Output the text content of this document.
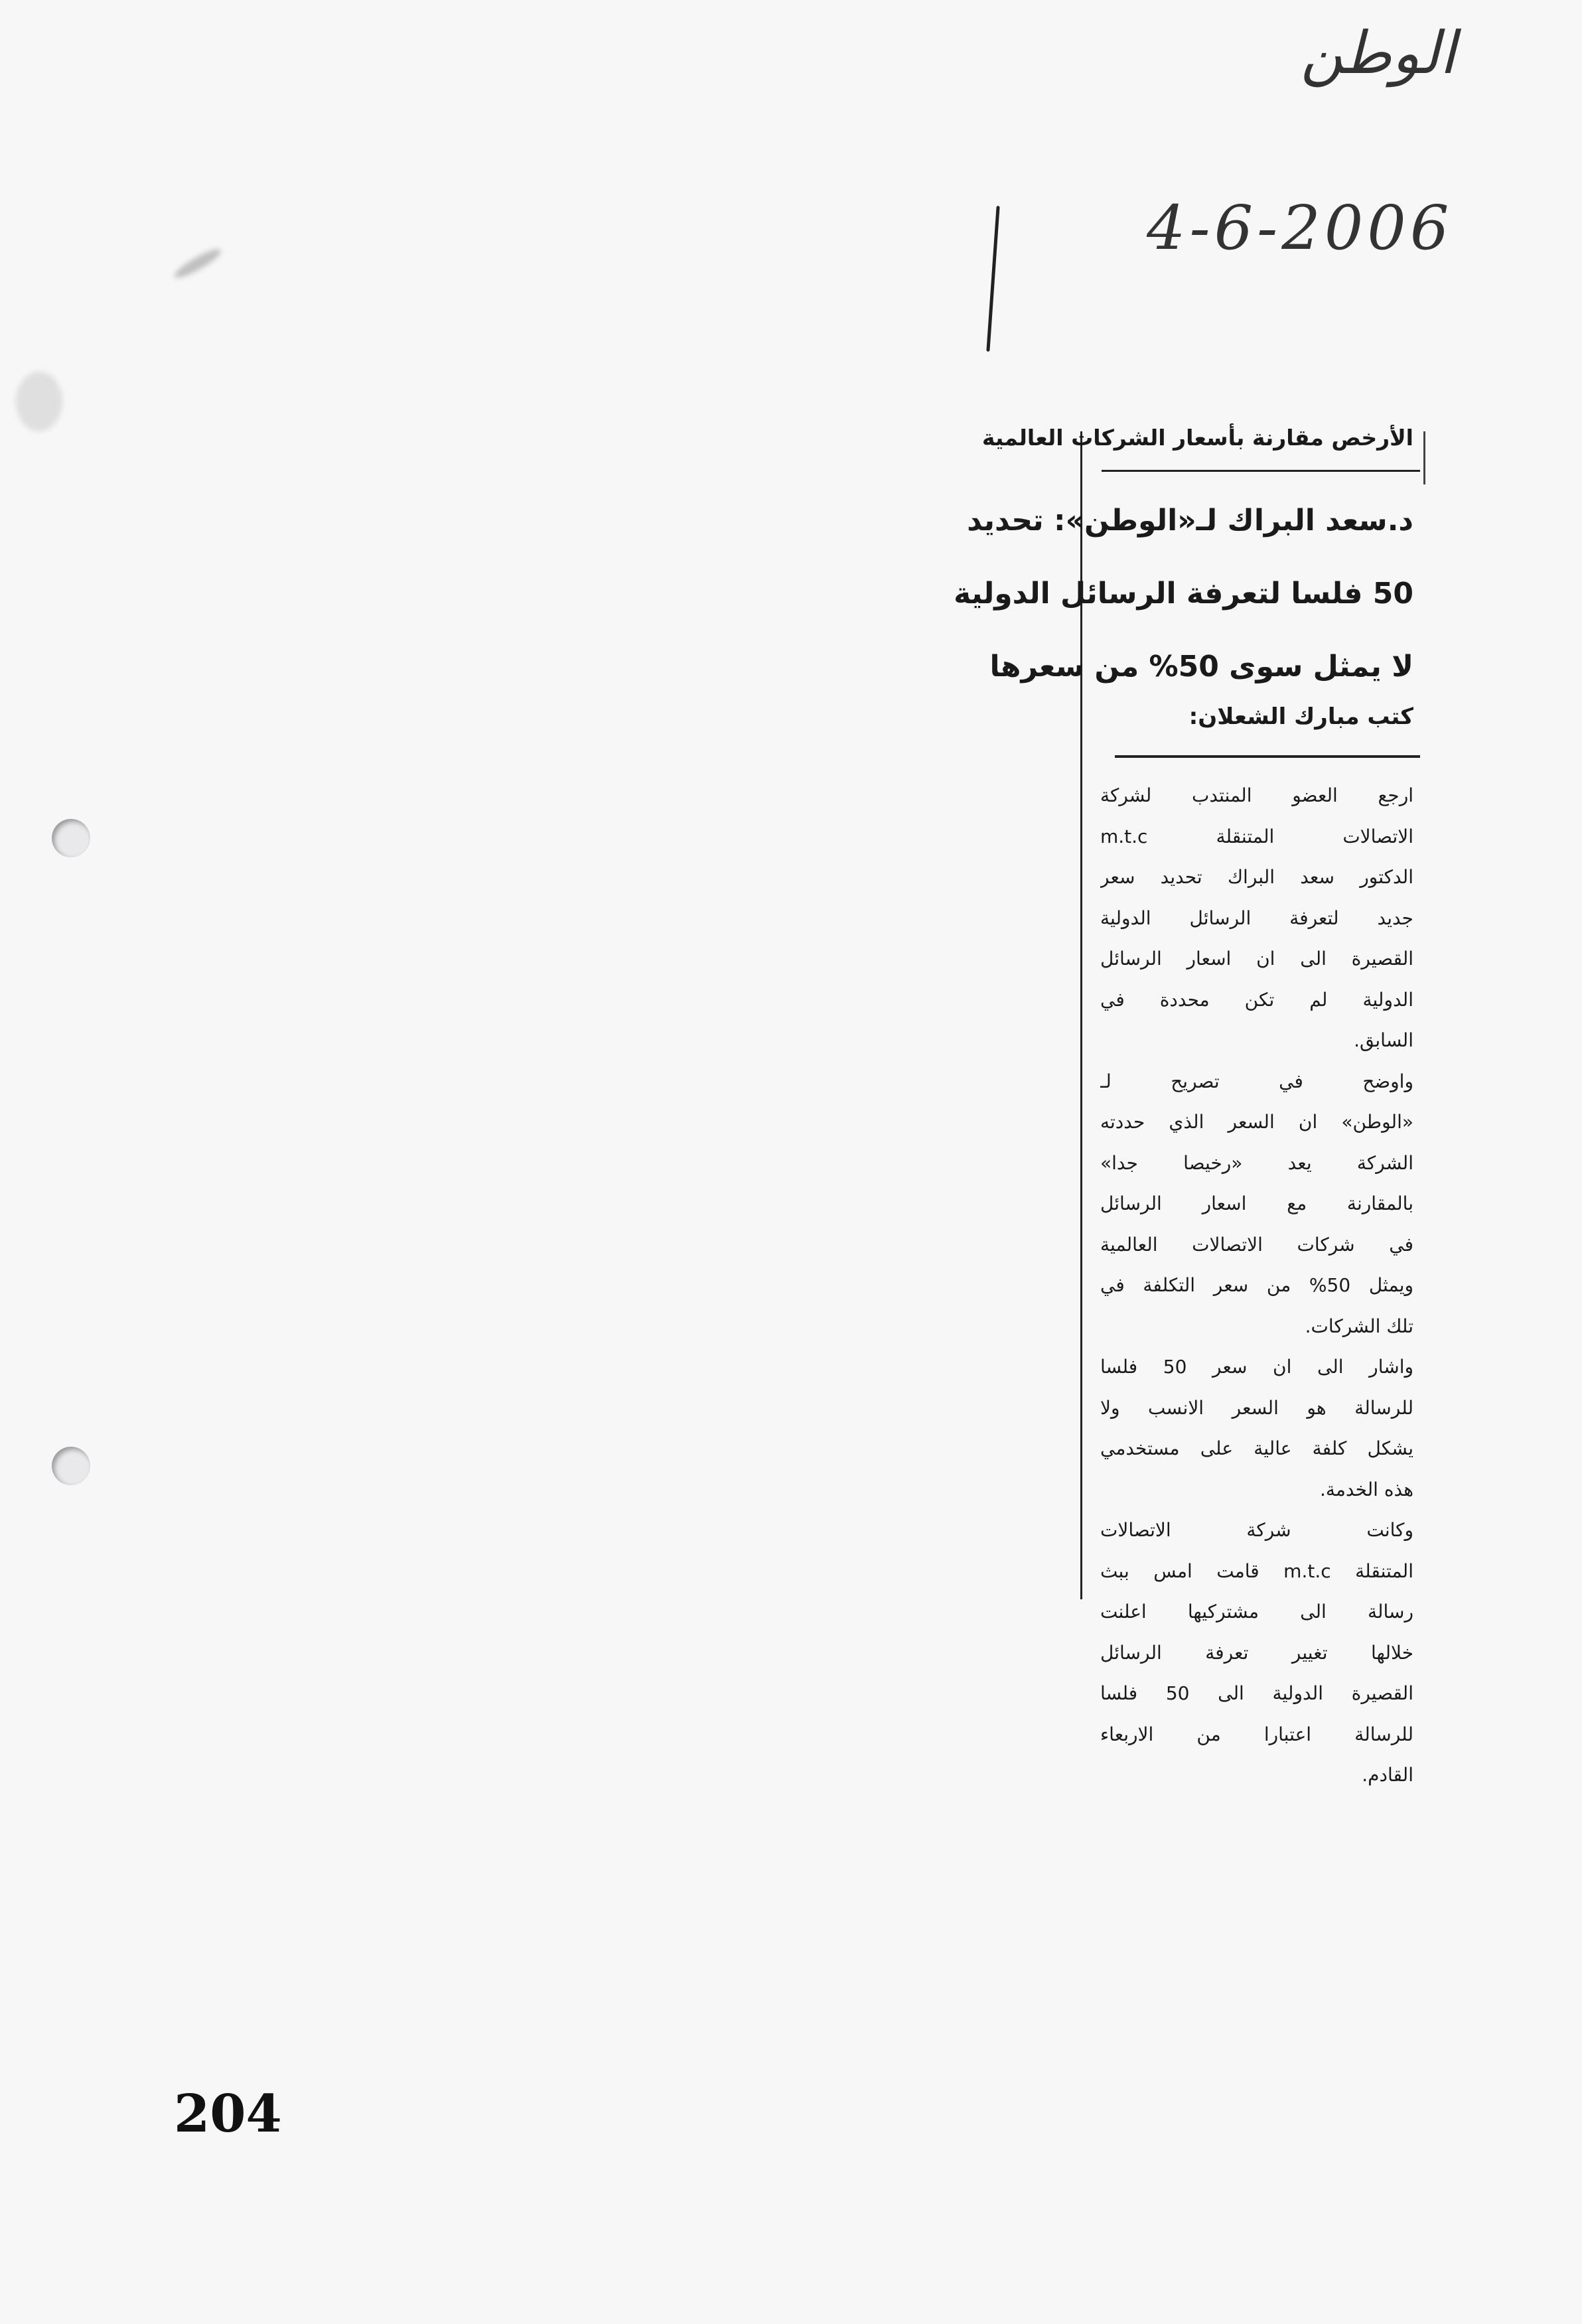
الوطن
4-6-2006
الأرخص مقارنة بأسعار الشركات العالمية
د.سعد البراك لـ«الوطن»: تحديد
50 فلسا لتعرفة الرسائل الدولية
لا يمثل سوى 50% من سعرها
كتب مبارك الشعلان:
ارجع العضو المنتدب لشركة
الاتصالات المتنقلة m.t.c
الدكتور سعد البراك تحديد سعر
جديد لتعرفة الرسائل الدولية
القصيرة الى ان اسعار الرسائل
الدولية لم تكن محددة في
السابق.
واوضح في تصريح لـ
«الوطن» ان السعر الذي حددته
الشركة يعد «رخيصا جدا»
بالمقارنة مع اسعار الرسائل
في شركات الاتصالات العالمية
ويمثل 50% من سعر التكلفة في
تلك الشركات.
واشار الى ان سعر 50 فلسا
للرسالة هو السعر الانسب ولا
يشكل كلفة عالية على مستخدمي
هذه الخدمة.
وكانت شركة الاتصالات
المتنقلة m.t.c قامت امس ببث
رسالة الى مشتركيها اعلنت
خلالها تغيير تعرفة الرسائل
القصيرة الدولية الى 50 فلسا
للرسالة اعتبارا من الاربعاء
القادم.
204
